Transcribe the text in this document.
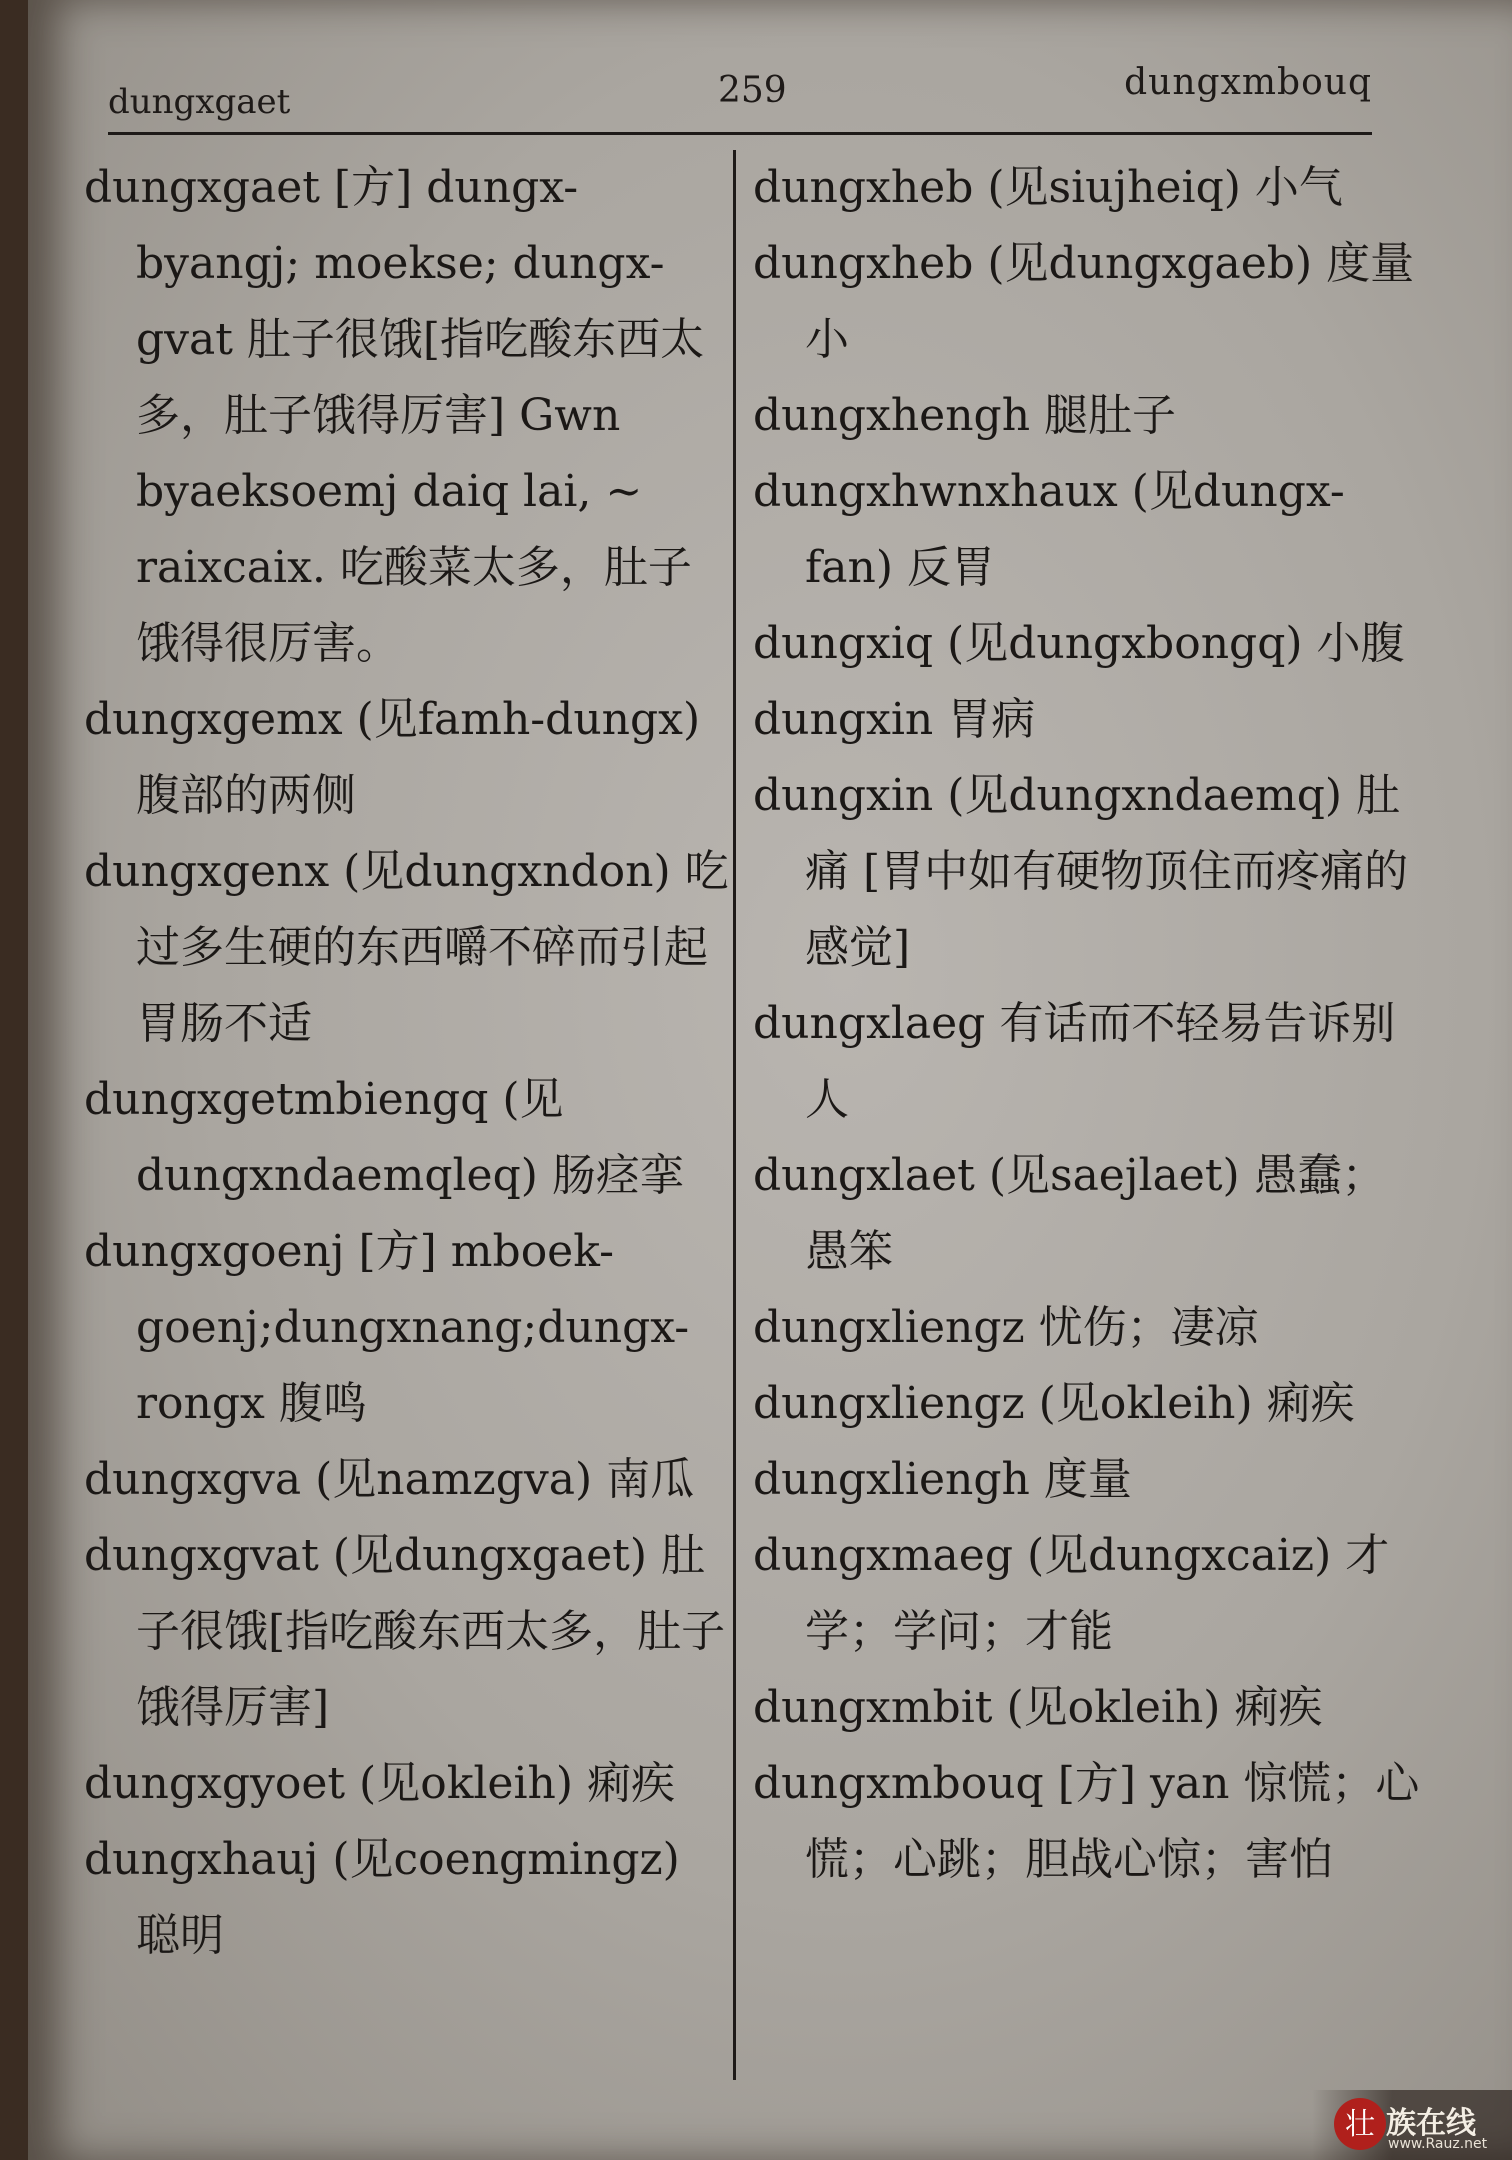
dungxgaet	259	dungxmbouq

dungxgaet [方] dungx-byangj; moekse; dungx-gvat 肚子很饿[指吃酸东西太多，肚子饿得厉害] Gwn byaeksoemj daiq lai, ~ raixcaix. 吃酸菜太多，肚子饿得很厉害。

dungxgemx (见famh-dungx) 腹部的两侧

dungxgenx (见dungxndon) 吃过多生硬的东西嚼不碎而引起胃肠不适

dungxgetmbiengq (见 dungxndaemqleq) 肠痉挛

dungxgoenj [方] mboek-goenj;dungxnang;dungx-rongx 腹鸣

dungxgva (见namzgva) 南瓜

dungxgvat (见dungxgaet) 肚子很饿[指吃酸东西太多，肚子饿得厉害]

dungxgyoet (见okleih) 痢疾

dungxhauj (见coengmingz) 聪明

dungxheb (见siujheiq) 小气

dungxheb (见dungxgaeb) 度量小

dungxhengh 腿肚子

dungxhwnxhaux (见dungx-fan) 反胃

dungxiq (见dungxbongq) 小腹

dungxin 胃病

dungxin (见dungxndaemq) 肚痛 [胃中如有硬物顶住而疼痛的感觉]

dungxlaeg 有话而不轻易告诉别人

dungxlaet (见saejlaet) 愚蠢；愚笨

dungxliengz 忧伤；凄凉

dungxliengz (见okleih) 痢疾

dungxliengh 度量

dungxmaeg (见dungxcaiz) 才学；学问；才能

dungxmbit (见okleih) 痢疾

dungxmbouq [方] yan 惊慌；心慌；心跳；胆战心惊；害怕

壮 族在线
www.Rauz.net
